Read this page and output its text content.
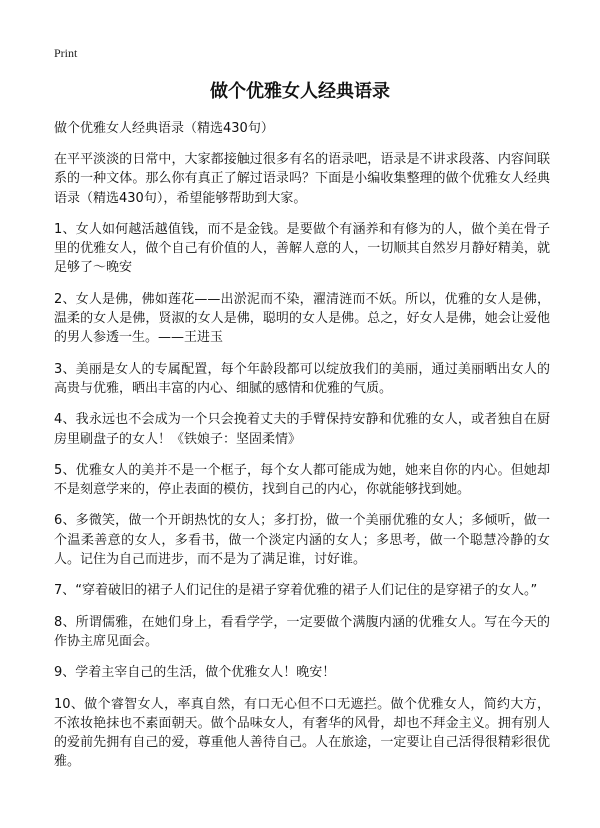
Print
做个优雅女人经典语录

做个优雅女人经典语录（精选430句）

在平平淡淡的日常中，大家都接触过很多有名的语录吧，语录是不讲求段落、内容间联系的一种文体。那么你有真正了解过语录吗？下面是小编收集整理的做个优雅女人经典语录（精选430句），希望能够帮助到大家。

1、女人如何越活越值钱，而不是金钱。是要做个有涵养和有修为的人，做个美在骨子里的优雅女人，做个自己有价值的人，善解人意的人，一切顺其自然岁月静好精美，就足够了～晚安

2、女人是佛，佛如莲花——出淤泥而不染，濯清涟而不妖。所以，优雅的女人是佛，温柔的女人是佛，贤淑的女人是佛，聪明的女人是佛。总之，好女人是佛，她会让爱他的男人参透一生。——王进玉

3、美丽是女人的专属配置，每个年龄段都可以绽放我们的美丽，通过美丽晒出女人的高贵与优雅，晒出丰富的内心、细腻的感情和优雅的气质。

4、我永远也不会成为一个只会挽着丈夫的手臂保持安静和优雅的女人，或者独自在厨房里刷盘子的女人！《铁娘子：坚固柔情》

5、优雅女人的美并不是一个框子，每个女人都可能成为她，她来自你的内心。但她却不是刻意学来的，停止表面的模仿，找到自己的内心，你就能够找到她。

6、多微笑，做一个开朗热忱的女人；多打扮，做一个美丽优雅的女人；多倾听，做一个温柔善意的女人，多看书，做一个淡定内涵的女人；多思考，做一个聪慧冷静的女人。记住为自己而进步，而不是为了满足谁，讨好谁。

7、“穿着破旧的裙子人们记住的是裙子穿着优雅的裙子人们记住的是穿裙子的女人。”

8、所谓儒雅，在她们身上，看看学学，一定要做个满腹内涵的优雅女人。写在今天的作协主席见面会。

9、学着主宰自己的生活，做个优雅女人！晚安！

10、做个睿智女人，率真自然，有口无心但不口无遮拦。做个优雅女人，简约大方，不浓妆艳抹也不素面朝天。做个品味女人，有奢华的风骨，却也不拜金主义。拥有别人的爱前先拥有自己的爱，尊重他人善待自己。人在旅途，一定要让自己活得很精彩很优雅。
